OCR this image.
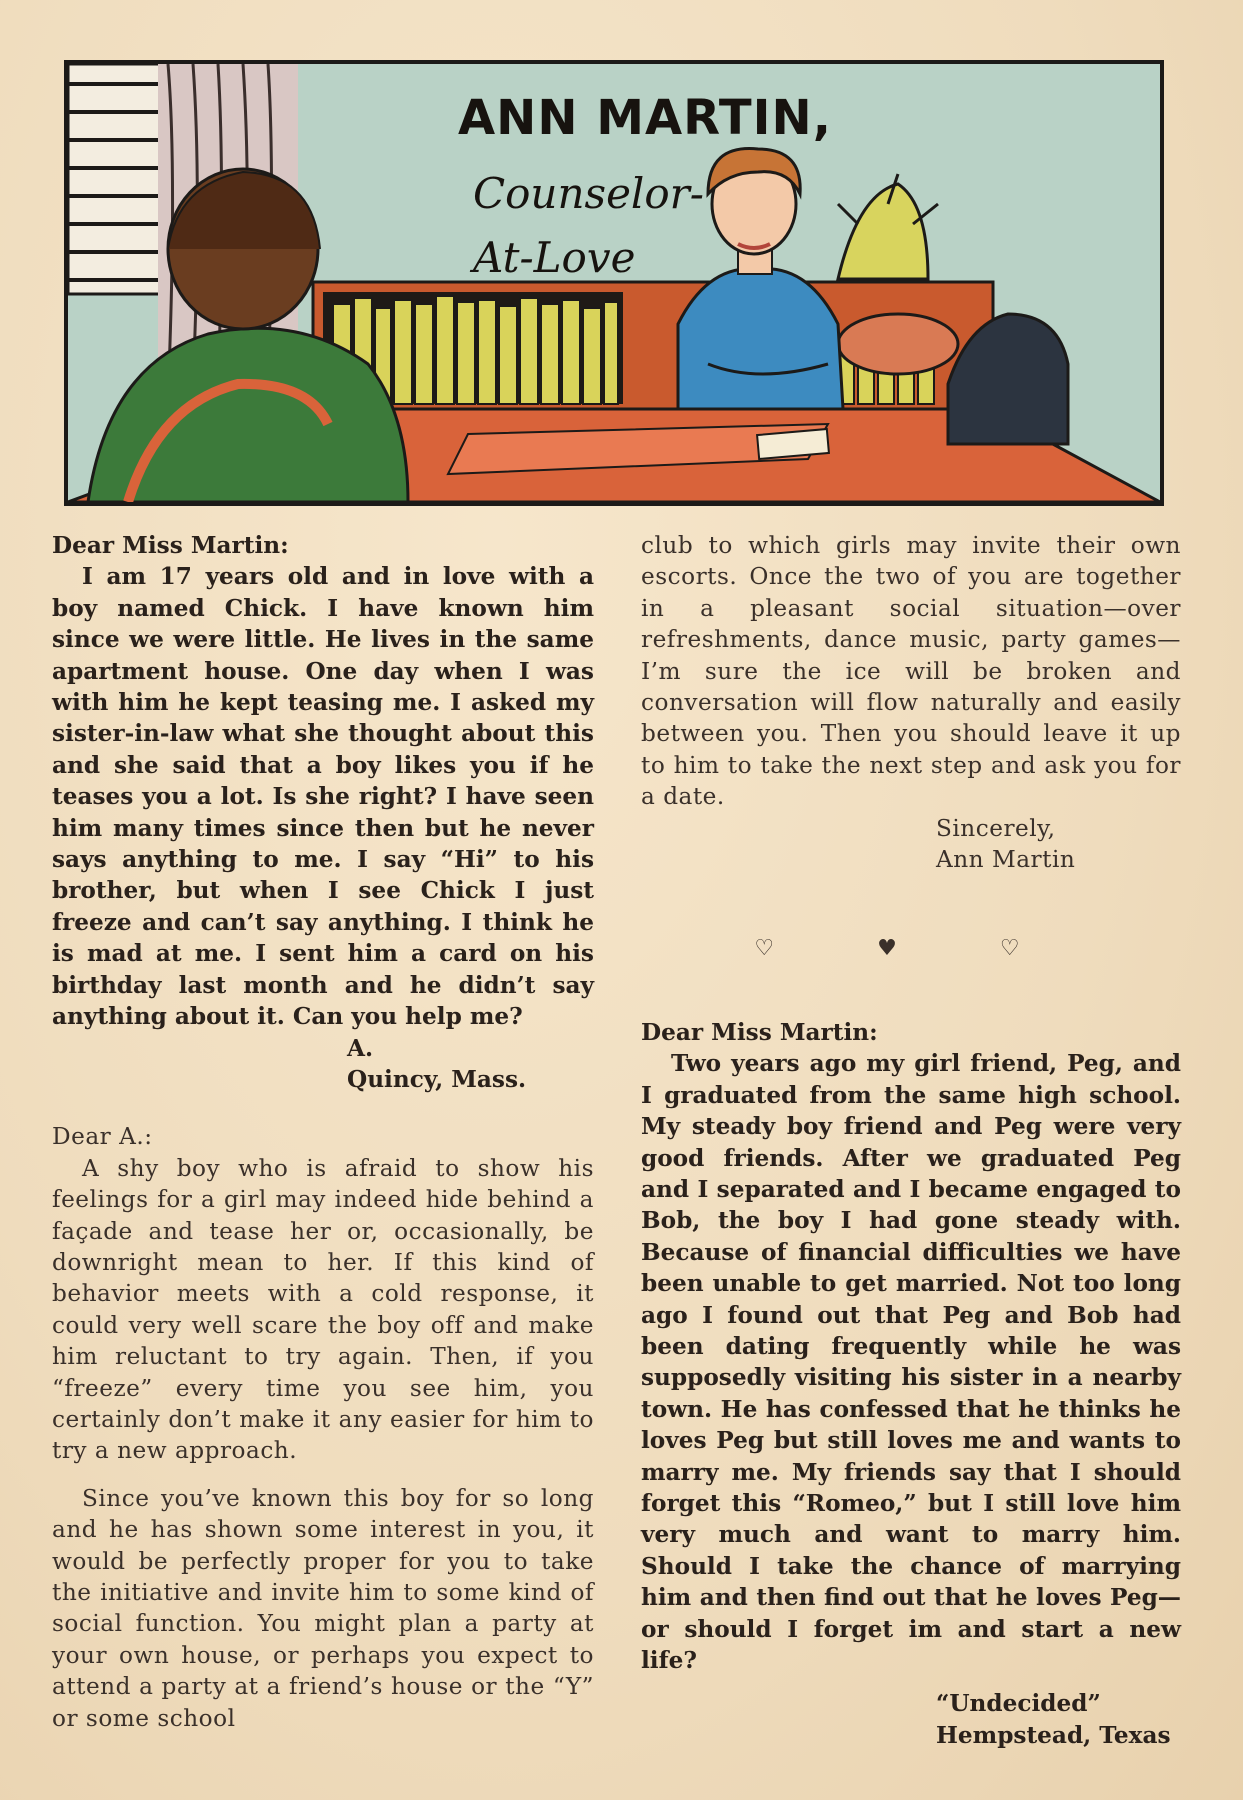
ANN MARTIN,
Counselor-
At-Love

Dear Miss Martin:

I am 17 years old and in love with a boy named Chick. I have known him since we were little. He lives in the same apartment house. One day when I was with him he kept teasing me. I asked my sister-in-law what she thought about this and she said that a boy likes you if he teases you a lot. Is she right? I have seen him many times since then but he never says anything to me. I say “Hi” to his brother, but when I see Chick I just freeze and can’t say anything. I think he is mad at me. I sent him a card on his birthday last month and he didn’t say anything about it. Can you help me?

A.

Quincy, Mass.

Dear A.:

A shy boy who is afraid to show his feelings for a girl may indeed hide behind a façade and tease her or, occasionally, be downright mean to her. If this kind of behavior meets with a cold response, it could very well scare the boy off and make him reluctant to try again. Then, if you “freeze” every time you see him, you certainly don’t make it any easier for him to try a new approach.

Since you’ve known this boy for so long and he has shown some interest in you, it would be perfectly proper for you to take the initiative and invite him to some kind of social function. You might plan a party at your own house, or perhaps you expect to attend a party at a friend’s house or the “Y” or some school

club to which girls may invite their own escorts. Once the two of you are together in a pleasant social situation—over refreshments, dance music, party games—I’m sure the ice will be broken and conversation will flow naturally and easily between you. Then you should leave it up to him to take the next step and ask you for a date.

Sincerely,

Ann Martin

♡ ♥ ♡

Dear Miss Martin:

Two years ago my girl friend, Peg, and I graduated from the same high school. My steady boy friend and Peg were very good friends. After we graduated Peg and I separated and I became engaged to Bob, the boy I had gone steady with. Because of financial difficulties we have been unable to get married. Not too long ago I found out that Peg and Bob had been dating frequently while he was supposedly visiting his sister in a nearby town. He has confessed that he thinks he loves Peg but still loves me and wants to marry me. My friends say that I should forget this “Romeo,” but I still love him very much and want to marry him. Should I take the chance of marrying him and then find out that he loves Peg—or should I forget im and start a new life?

“Undecided”

Hempstead, Texas
